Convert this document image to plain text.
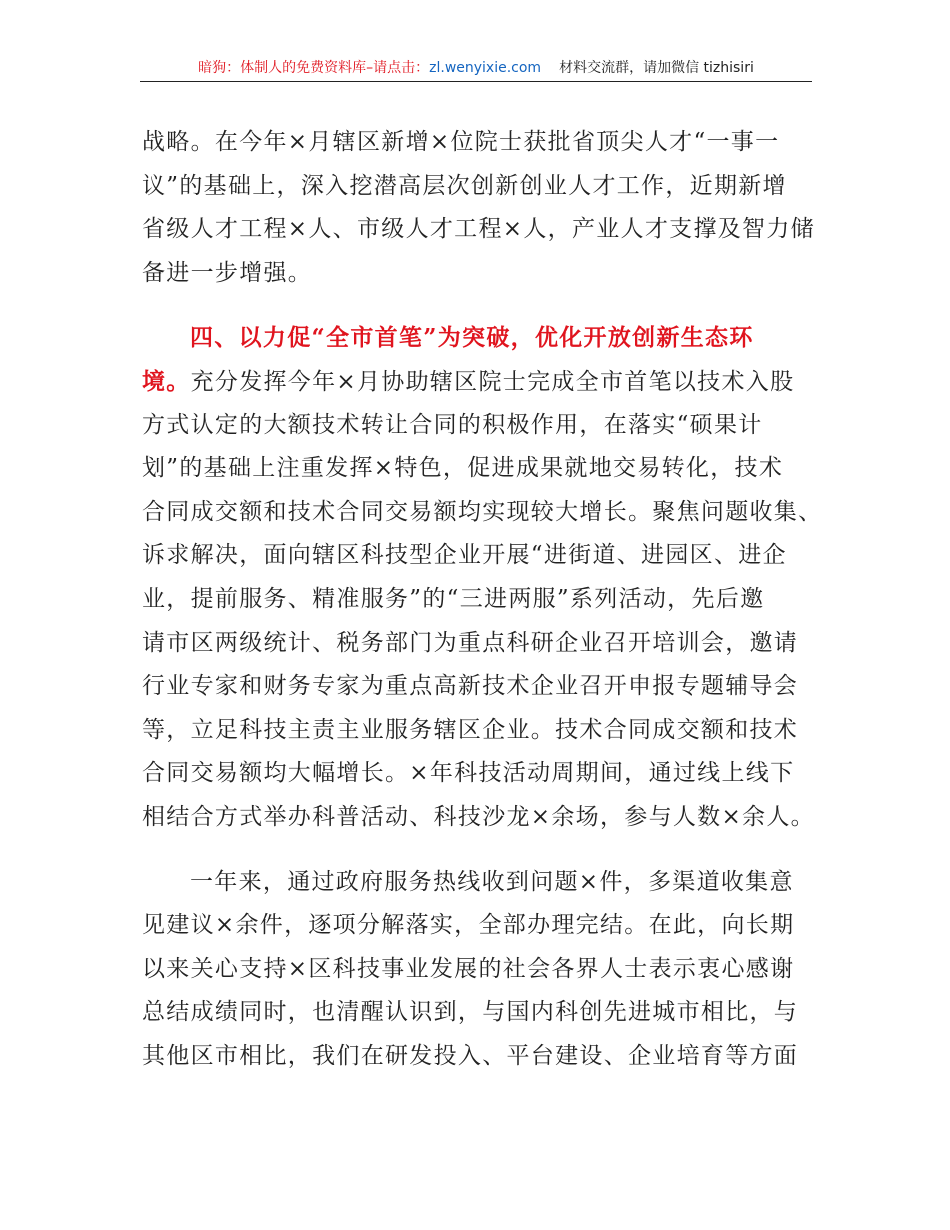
暗狗：体制人的免费资料库–请点击：zl.wenyixie.com 材料交流群，请加微信 tizhisiri
战略。在今年×月辖区新增×位院士获批省顶尖人才“一事一
议”的基础上，深入挖潜高层次创新创业人才工作，近期新增
省级人才工程×人、市级人才工程×人，产业人才支撑及智力储
备进一步增强。
四、以力促“全市首笔”为突破，优化开放创新生态环
境。充分发挥今年×月协助辖区院士完成全市首笔以技术入股
方式认定的大额技术转让合同的积极作用，在落实“硕果计
划”的基础上注重发挥×特色，促进成果就地交易转化，技术
合同成交额和技术合同交易额均实现较大增长。聚焦问题收集、
诉求解决，面向辖区科技型企业开展“进街道、进园区、进企
业，提前服务、精准服务”的“三进两服”系列活动，先后邀
请市区两级统计、税务部门为重点科研企业召开培训会，邀请
行业专家和财务专家为重点高新技术企业召开申报专题辅导会
等，立足科技主责主业服务辖区企业。技术合同成交额和技术
合同交易额均大幅增长。×年科技活动周期间，通过线上线下
相结合方式举办科普活动、科技沙龙×余场，参与人数×余人。
一年来，通过政府服务热线收到问题×件，多渠道收集意
见建议×余件，逐项分解落实，全部办理完结。在此，向长期
以来关心支持×区科技事业发展的社会各界人士表示衷心感谢
总结成绩同时，也清醒认识到，与国内科创先进城市相比，与
其他区市相比，我们在研发投入、平台建设、企业培育等方面
